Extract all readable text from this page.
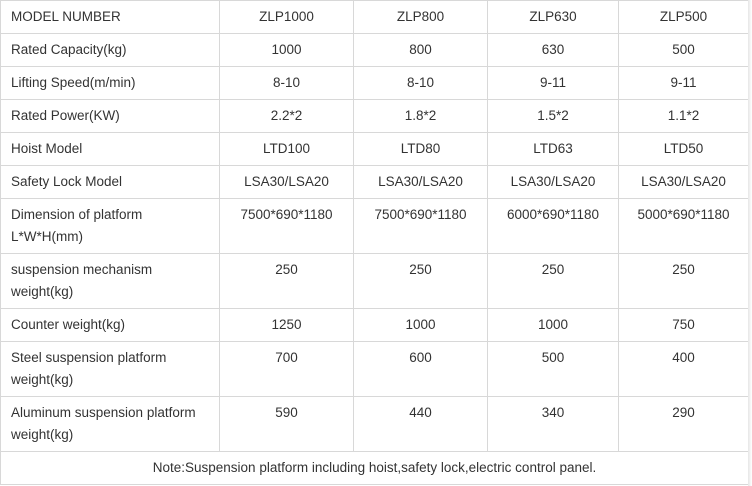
MODEL NUMBER	ZLP1000	ZLP800	ZLP630	ZLP500
Rated Capacity(kg)	1000	800	630	500
Lifting Speed(m/min)	8-10	8-10	9-11	9-11
Rated Power(KW)	2.2*2	1.8*2	1.5*2	1.1*2
Hoist Model	LTD100	LTD80	LTD63	LTD50
Safety Lock Model	LSA30/LSA20	LSA30/LSA20	LSA30/LSA20	LSA30/LSA20
Dimension of platform L*W*H(mm)	7500*690*1180	7500*690*1180	6000*690*1180	5000*690*1180
suspension mechanism weight(kg)	250	250	250	250
Counter weight(kg)	1250	1000	1000	750
Steel suspension platform weight(kg)	700	600	500	400
Aluminum suspension platform weight(kg)	590	440	340	290
Note:Suspension platform including hoist,safety lock,electric control panel.				
